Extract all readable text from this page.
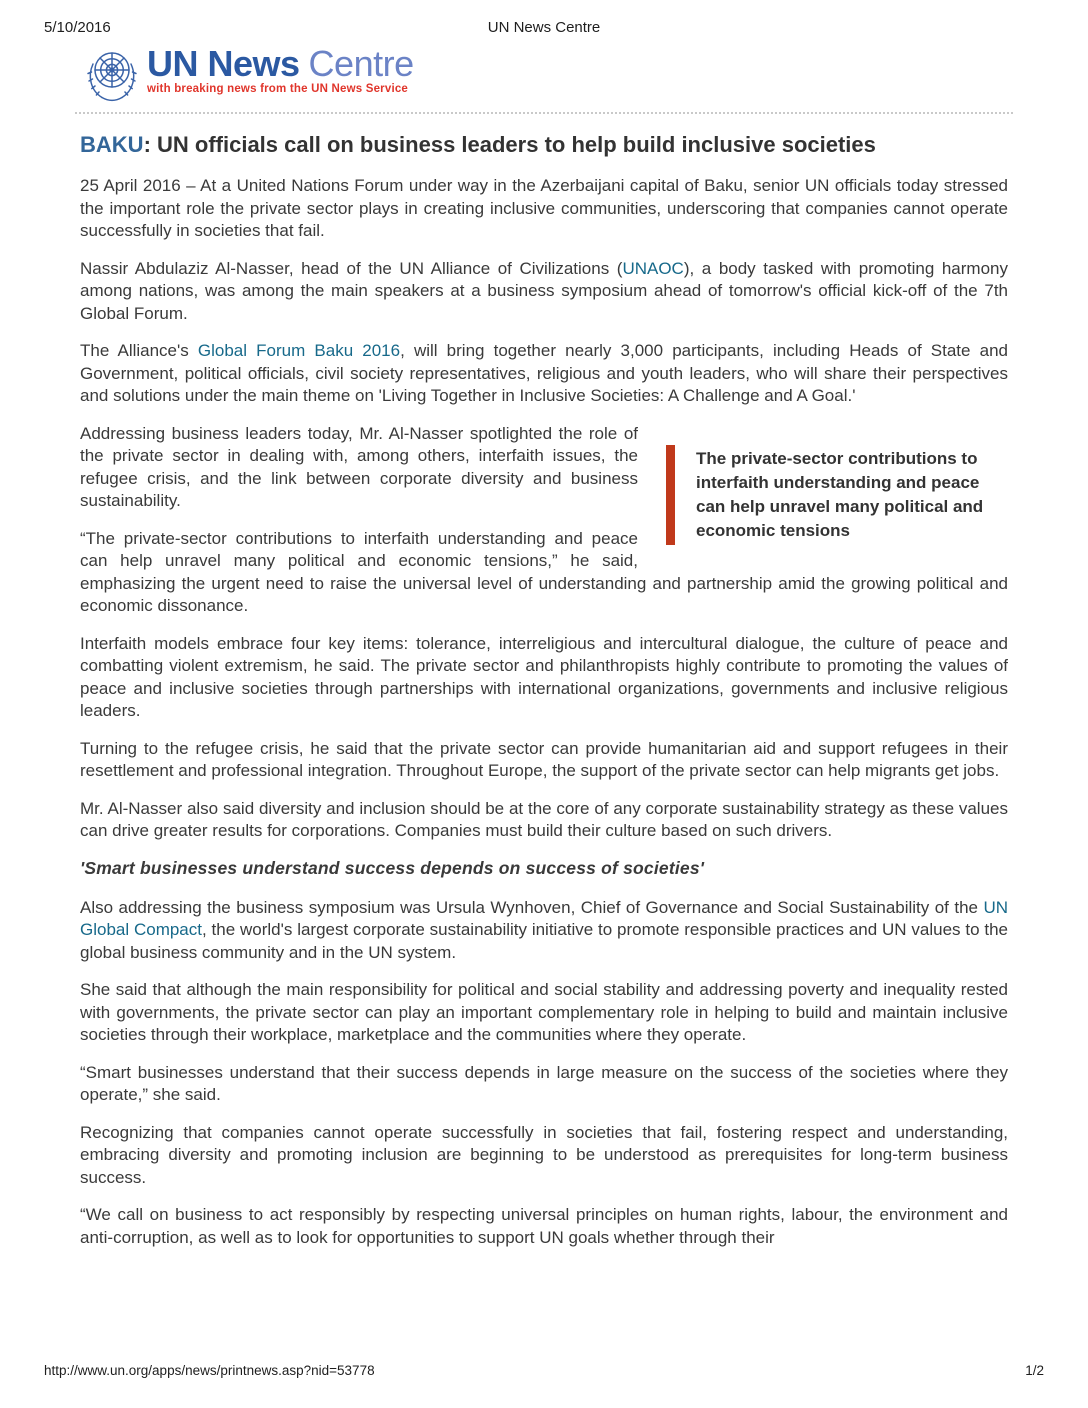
5/10/2016	UN News Centre
UN News Centre
with breaking news from the UN News Service
BAKU: UN officials call on business leaders to help build inclusive societies

25 April 2016 – At a United Nations Forum under way in the Azerbaijani capital of Baku, senior UN officials today stressed the important role the private sector plays in creating inclusive communities, underscoring that companies cannot operate successfully in societies that fail.

Nassir Abdulaziz Al-Nasser, head of the UN Alliance of Civilizations (UNAOC), a body tasked with promoting harmony among nations, was among the main speakers at a business symposium ahead of tomorrow's official kick-off of the 7th Global Forum.

The Alliance's Global Forum Baku 2016, will bring together nearly 3,000 participants, including Heads of State and Government, political officials, civil society representatives, religious and youth leaders, who will share their perspectives and solutions under the main theme on 'Living Together in Inclusive Societies: A Challenge and A Goal.'

The private-sector contributions to interfaith understanding and peace can help unravel many political and economic tensions

Addressing business leaders today, Mr. Al-Nasser spotlighted the role of the private sector in dealing with, among others, interfaith issues, the refugee crisis, and the link between corporate diversity and business sustainability.

“The private-sector contributions to interfaith understanding and peace can help unravel many political and economic tensions,” he said, emphasizing the urgent need to raise the universal level of understanding and partnership amid the growing political and economic dissonance.

Interfaith models embrace four key items: tolerance, interreligious and intercultural dialogue, the culture of peace and combatting violent extremism, he said. The private sector and philanthropists highly contribute to promoting the values of peace and inclusive societies through partnerships with international organizations, governments and inclusive religious leaders.

Turning to the refugee crisis, he said that the private sector can provide humanitarian aid and support refugees in their resettlement and professional integration. Throughout Europe, the support of the private sector can help migrants get jobs.

Mr. Al-Nasser also said diversity and inclusion should be at the core of any corporate sustainability strategy as these values can drive greater results for corporations. Companies must build their culture based on such drivers.

'Smart businesses understand success depends on success of societies'

Also addressing the business symposium was Ursula Wynhoven, Chief of Governance and Social Sustainability of the UN Global Compact, the world's largest corporate sustainability initiative to promote responsible practices and UN values to the global business community and in the UN system.

She said that although the main responsibility for political and social stability and addressing poverty and inequality rested with governments, the private sector can play an important complementary role in helping to build and maintain inclusive societies through their workplace, marketplace and the communities where they operate.

“Smart businesses understand that their success depends in large measure on the success of the societies where they operate,” she said.

Recognizing that companies cannot operate successfully in societies that fail, fostering respect and understanding, embracing diversity and promoting inclusion are beginning to be understood as prerequisites for long-term business success.

“We call on business to act responsibly by respecting universal principles on human rights, labour, the environment and anti-corruption, as well as to look for opportunities to support UN goals whether through their

http://www.un.org/apps/news/printnews.asp?nid=53778	1/2
